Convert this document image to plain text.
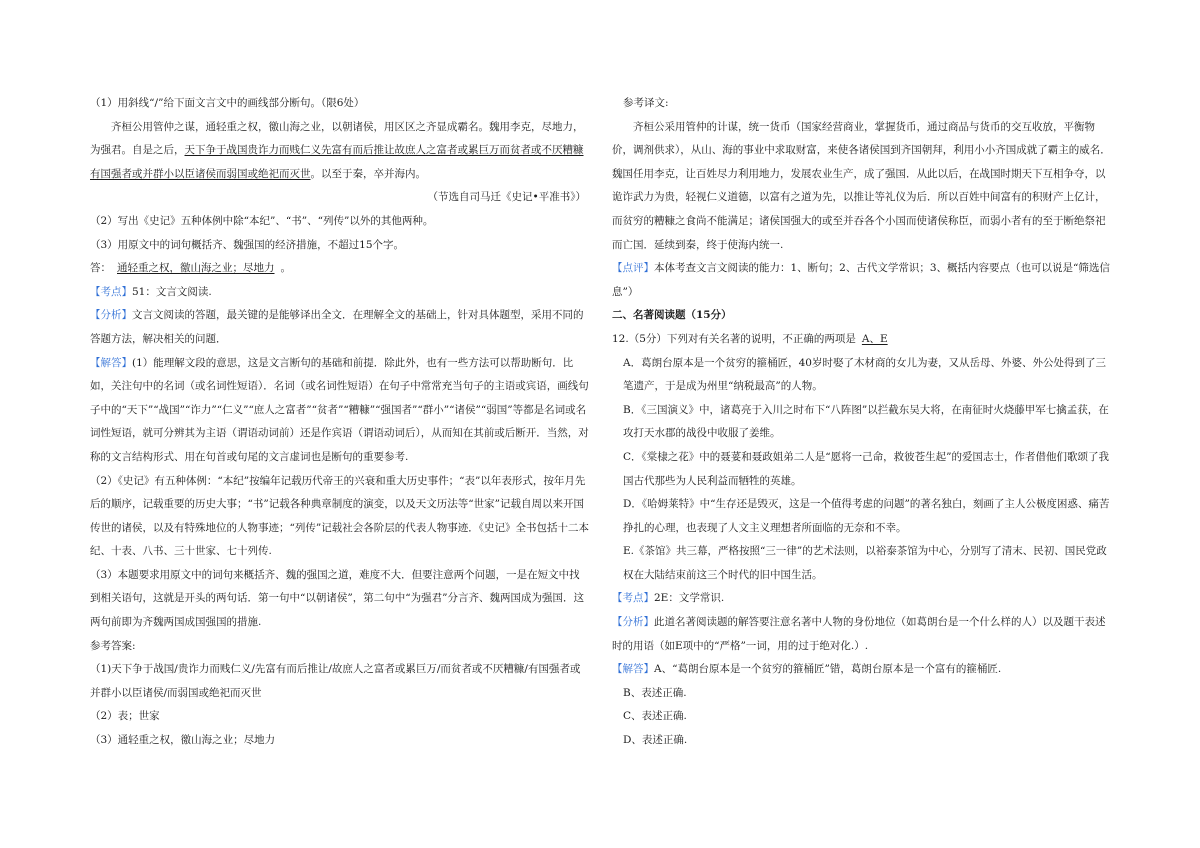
（1）用斜线“/”给下面文言文中的画线部分断句。（限6处）

齐桓公用管仲之谋，通轻重之权，徼山海之业，以朝诸侯，用区区之齐显成霸名。魏用李克，尽地力，为强君。自是之后，天下争于战国贵诈力而贱仁义先富有而后推让故庶人之富者或累巨万而贫者或不厌糟糠有国强者或并群小以臣诸侯而弱国或绝祀而灭世。以至于秦，卒并海内。

（节选自司马迁《史记•平准书》）

（2）写出《史记》五种体例中除“本纪”、“书”、“列传”以外的其他两种。

（3）用原文中的词句概括齐、魏强国的经济措施，不超过15个字。

答： 通轻重之权，徼山海之业；尽地力 。

【考点】51：文言文阅读.

【分析】文言文阅读的答题，最关键的是能够译出全文．在理解全文的基础上，针对具体题型，采用不同的答题方法，解决相关的问题．

【解答】(1）能理解文段的意思，这是文言断句的基础和前提．除此外，也有一些方法可以帮助断句．比如，关注句中的名词（或名词性短语）．名词（或名词性短语）在句子中常常充当句子的主语或宾语，画线句子中的“天下”“战国”“诈力”“仁义”“庶人之富者”“贫者”“糟糠”“强国者”“群小”“诸侯”“弱国”等都是名词或名词性短语，就可分辨其为主语（谓语动词前）还是作宾语（谓语动词后），从而知在其前或后断开．当然，对称的文言结构形式、用在句首或句尾的文言虚词也是断句的重要参考.

（2）《史记》有五种体例：“本纪”按编年记载历代帝王的兴衰和重大历史事件；“表”以年表形式，按年月先后的顺序，记载重要的历史大事；“书”记载各种典章制度的演变，以及天文历法等“世家”记载自周以来开国传世的诸侯，以及有特殊地位的人物事迹；“列传”记载社会各阶层的代表人物事迹．《史记》全书包括十二本纪、十表、八书、三十世家、七十列传.

（3）本题要求用原文中的词句来概括齐、魏的强国之道，难度不大．但要注意两个问题，一是在短文中找到相关语句，这就是开头的两句话．第一句中“以朝诸侯”，第二句中“为强君”分言齐、魏两国成为强国．这两句前即为齐魏两国成国强国的措施.

参考答案:

（1)天下争于战国/贵诈力而贱仁义/先富有而后推让/故庶人之富者或累巨万/而贫者或不厌糟糠/有国强者或并群小以臣诸侯/而弱国或绝祀而灭世

（2）表；世家

（3）通轻重之权，徼山海之业；尽地力

参考译文:

齐桓公采用管仲的计谋，统一货币（国家经营商业，掌握货币，通过商品与货币的交互收放，平衡物价，调剂供求），从山、海的事业中求取财富，来使各诸侯国到齐国朝拜，利用小小齐国成就了霸主的威名．魏国任用李克，让百姓尽力利用地力，发展农业生产，成了强国．从此以后，在战国时期天下互相争夺，以诡诈武力为贵，轻视仁义道德，以富有之道为先，以推让等礼仪为后．所以百姓中间富有的积财产上亿计，而贫穷的糟糠之食尚不能满足；诸侯国强大的或至并吞各个小国而使诸侯称臣，而弱小者有的至于断绝祭祀而亡国．延续到秦，终于使海内统一.

【点评】本体考查文言文阅读的能力：1、断句；2、古代文学常识；3、概括内容要点（也可以说是“筛选信息”）

二、名著阅读题（15分）

12.（5分）下列对有关名著的说明，不正确的两项是 A、E

A．葛朗台原本是一个贫穷的箍桶匠，40岁时娶了木材商的女儿为妻，又从岳母、外婆、外公处得到了三笔遗产，于是成为州里“纳税最高”的人物。

B．《三国演义》中，诸葛亮于入川之时布下“八阵图”以拦截东吴大将，在南征时火烧藤甲军七擒孟获，在攻打天水郡的战役中收服了姜维。

C．《棠棣之花》中的聂荽和聂政姐弟二人是“愿将一己命，救彼苍生起”的爱国志士，作者借他们歌颂了我国古代那些为人民利益而牺牲的英雄。

D．《哈姆莱特》中“生存还是毁灭，这是一个值得考虑的问题”的著名独白，刻画了主人公极度困惑、痛苦挣扎的心理，也表现了人文主义理想者所面临的无奈和不幸。

E.《茶馆》共三幕，严格按照“三一律”的艺术法则，以裕泰茶馆为中心，分别写了清末、民初、国民党政权在大陆结束前这三个时代的旧中国生活。

【考点】2E：文学常识.

【分析】此道名著阅读题的解答要注意名著中人物的身份地位（如葛朗台是一个什么样的人）以及题干表述时的用语（如E项中的“严格”一词，用的过于绝对化.）.

【解答】A、“葛朗台原本是一个贫穷的箍桶匠”错，葛朗台原本是一个富有的箍桶匠.

B、表述正确.

C、表述正确.

D、表述正确.
